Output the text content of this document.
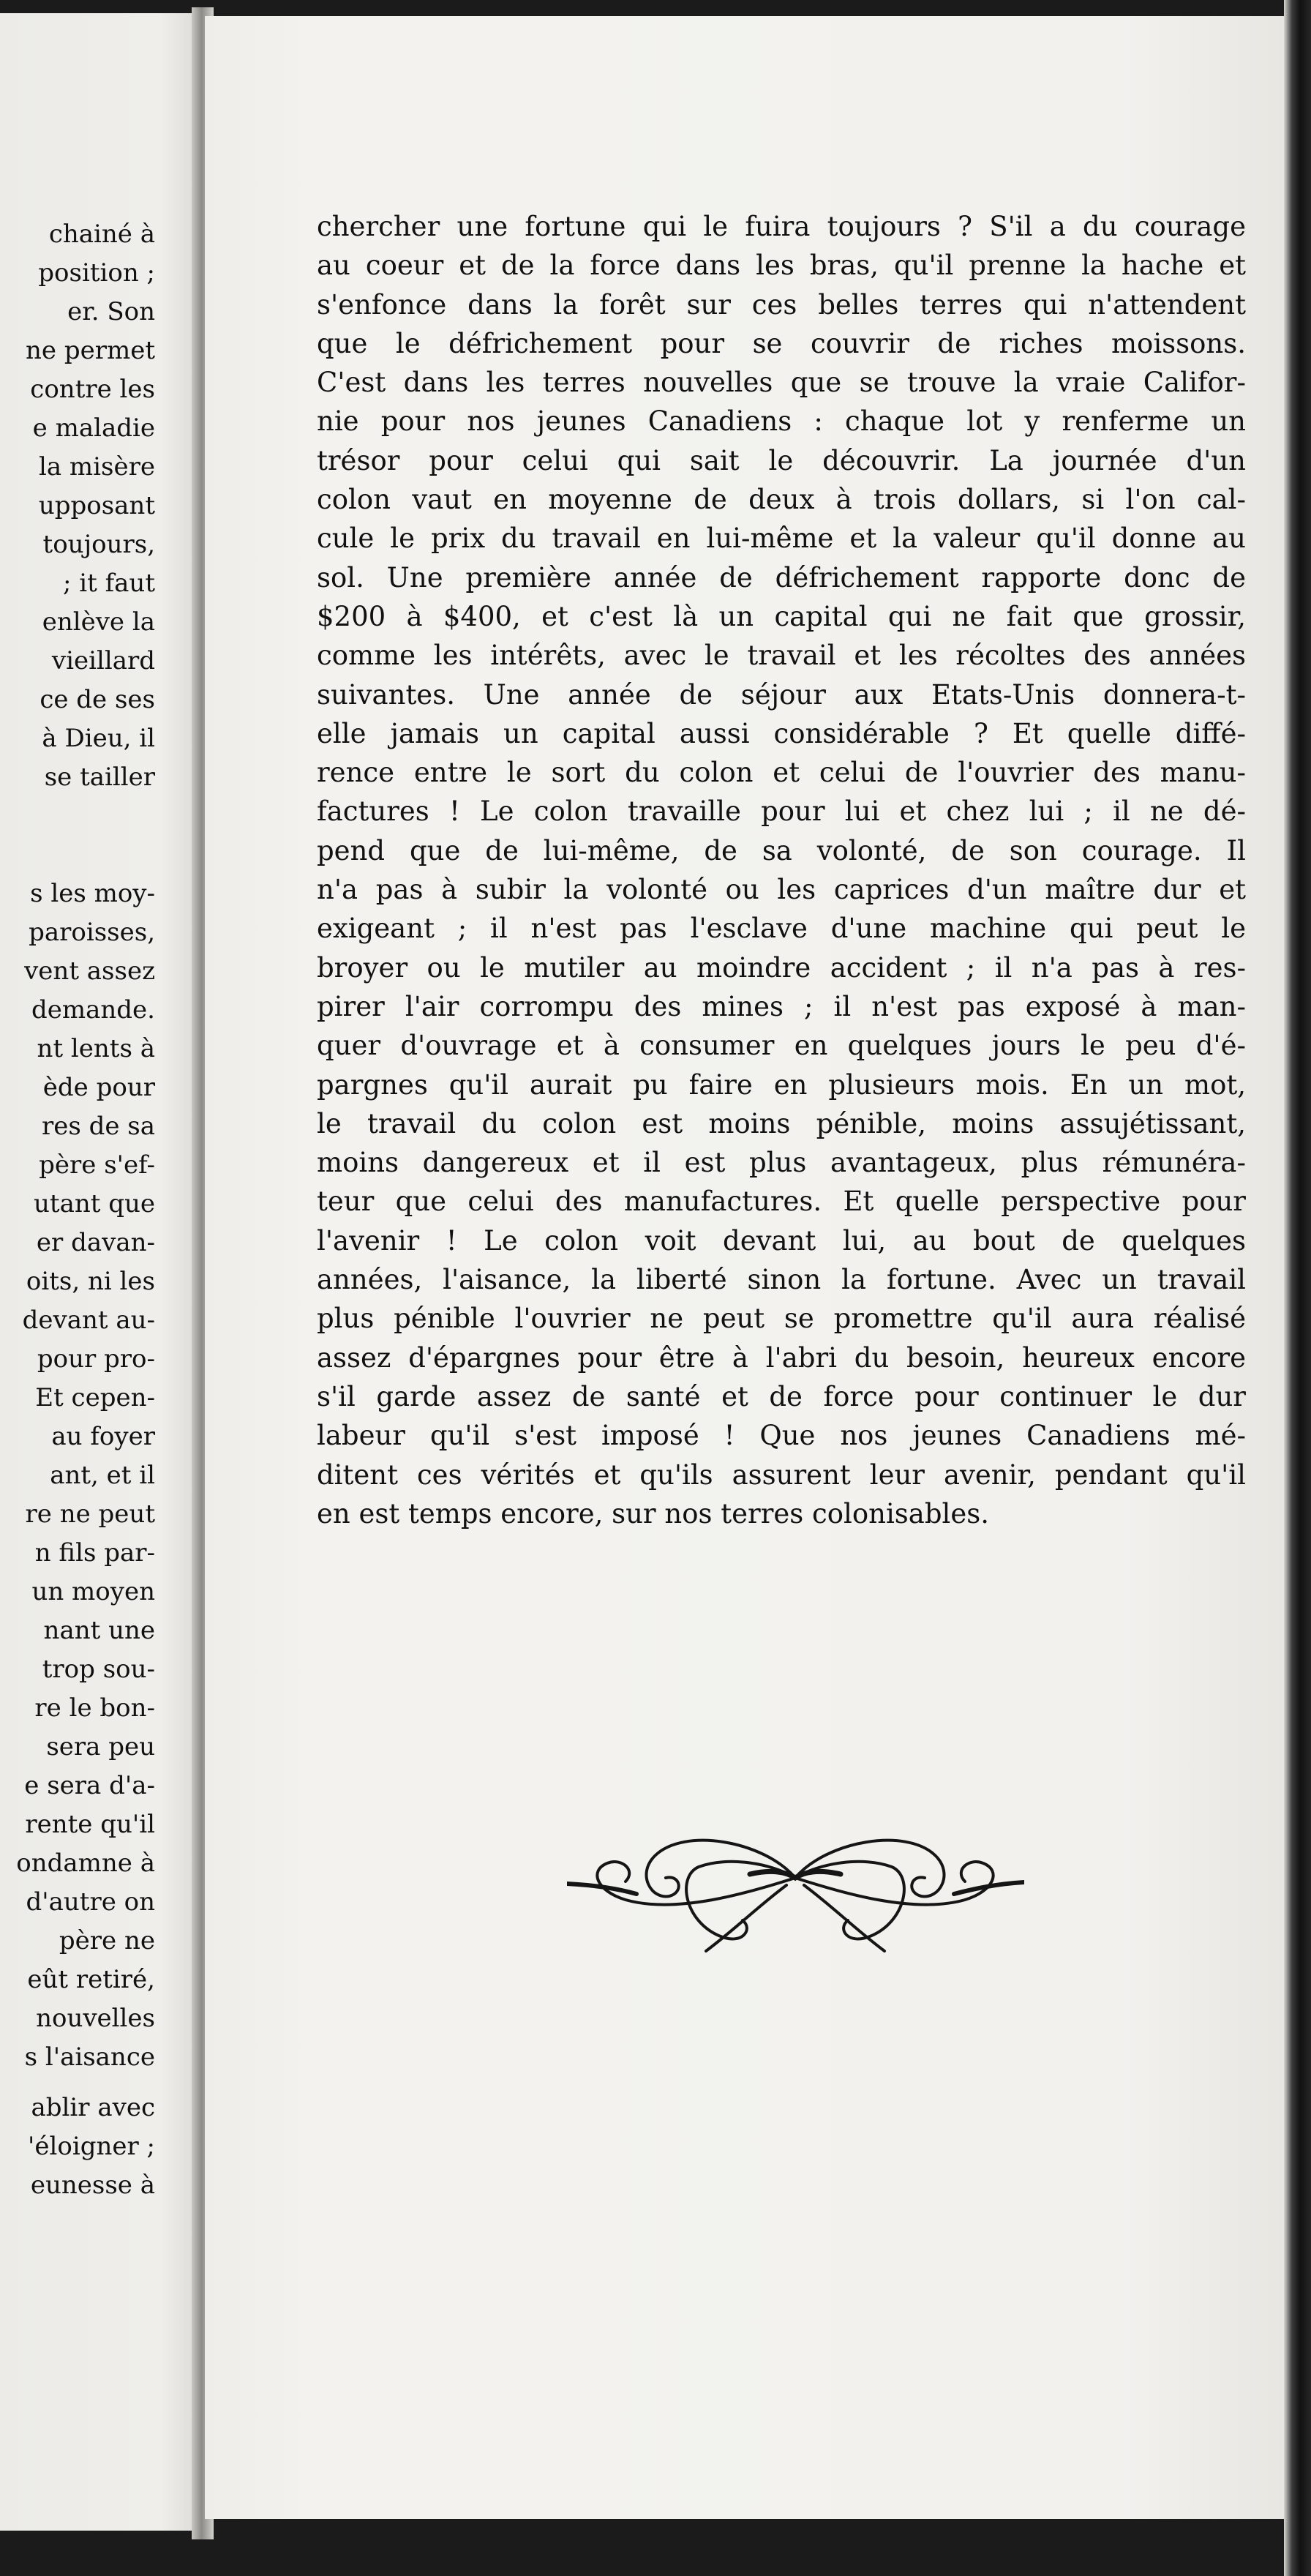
chainé à
position ;
er. Son
ne permet
contre les
e maladie
la misère
upposant
toujours,
; it faut
enlève la
vieillard
ce de ses
à Dieu, il
se tailler

s les moy-
paroisses,
vent assez
demande.
nt lents à
ède pour
res de sa
père s'ef-
utant que
er davan-
oits, ni les
devant au-
pour pro-
Et cepen-
au foyer
ant, et il
re ne peut
n fils par-
un moyen
nant une
trop sou-
re le bon-
sera peu
e sera d'a-
rente qu'il
ondamne à
d'autre on
père ne
eût retiré,
nouvelles
s l'aisance
ablir avec
'éloigner ;
eunesse à
chercher une fortune qui le fuira toujours ? S'il a du courage
au coeur et de la force dans les bras, qu'il prenne la hache et
s'enfonce dans la forêt sur ces belles terres qui n'attendent
que le défrichement pour se couvrir de riches moissons.
C'est dans les terres nouvelles que se trouve la vraie Califor-
nie pour nos jeunes Canadiens : chaque lot y renferme un
trésor pour celui qui sait le découvrir. La journée d'un
colon vaut en moyenne de deux à trois dollars, si l'on cal-
cule le prix du travail en lui-même et la valeur qu'il donne au
sol. Une première année de défrichement rapporte donc de
$200 à $400, et c'est là un capital qui ne fait que grossir,
comme les intérêts, avec le travail et les récoltes des années
suivantes. Une année de séjour aux Etats-Unis donnera-t-
elle jamais un capital aussi considérable ? Et quelle diffé-
rence entre le sort du colon et celui de l'ouvrier des manu-
factures ! Le colon travaille pour lui et chez lui ; il ne dé-
pend que de lui-même, de sa volonté, de son courage. Il
n'a pas à subir la volonté ou les caprices d'un maître dur et
exigeant ; il n'est pas l'esclave d'une machine qui peut le
broyer ou le mutiler au moindre accident ; il n'a pas à res-
pirer l'air corrompu des mines ; il n'est pas exposé à man-
quer d'ouvrage et à consumer en quelques jours le peu d'é-
pargnes qu'il aurait pu faire en plusieurs mois. En un mot,
le travail du colon est moins pénible, moins assujétissant,
moins dangereux et il est plus avantageux, plus rémunéra-
teur que celui des manufactures. Et quelle perspective pour
l'avenir ! Le colon voit devant lui, au bout de quelques
années, l'aisance, la liberté sinon la fortune. Avec un travail
plus pénible l'ouvrier ne peut se promettre qu'il aura réalisé
assez d'épargnes pour être à l'abri du besoin, heureux encore
s'il garde assez de santé et de force pour continuer le dur
labeur qu'il s'est imposé ! Que nos jeunes Canadiens mé-
ditent ces vérités et qu'ils assurent leur avenir, pendant qu'il
en est temps encore, sur nos terres colonisables.
